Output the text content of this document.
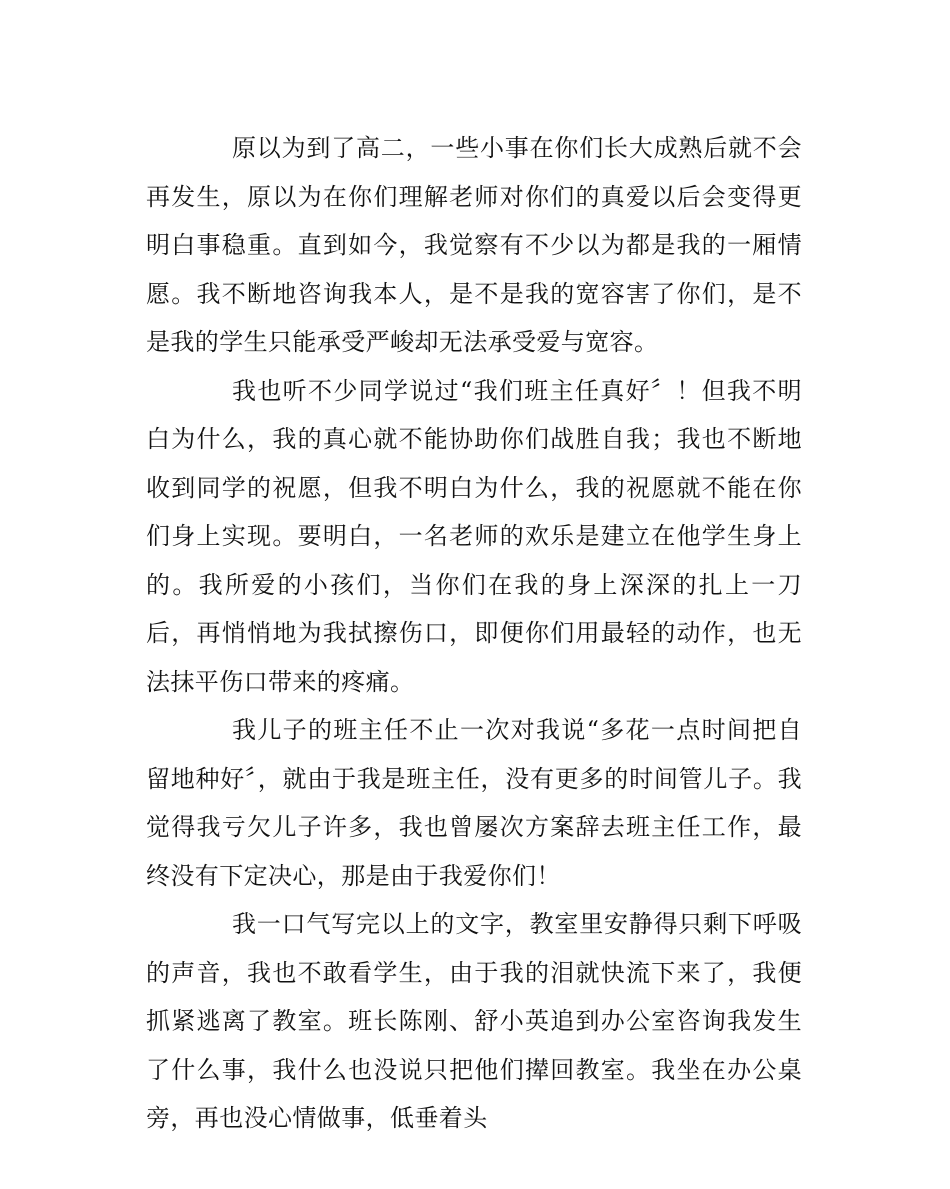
原以为到了高二，一些小事在你们长大成熟后就不会再发生，原以为在你们理解老师对你们的真爱以后会变得更明白事稳重。直到如今，我觉察有不少以为都是我的一厢情愿。我不断地咨询我本人，是不是我的宽容害了你们，是不是我的学生只能承受严峻却无法承受爱与宽容。

我也听不少同学说过“我们班主任真好〞！但我不明白为什么，我的真心就不能协助你们战胜自我；我也不断地收到同学的祝愿，但我不明白为什么，我的祝愿就不能在你们身上实现。要明白，一名老师的欢乐是建立在他学生身上的。我所爱的小孩们，当你们在我的身上深深的扎上一刀后，再悄悄地为我拭擦伤口，即便你们用最轻的动作，也无法抹平伤口带来的疼痛。

我儿子的班主任不止一次对我说“多花一点时间把自留地种好〞，就由于我是班主任，没有更多的时间管儿子。我觉得我亏欠儿子许多，我也曾屡次方案辞去班主任工作，最终没有下定决心，那是由于我爱你们！

我一口气写完以上的文字，教室里安静得只剩下呼吸的声音，我也不敢看学生，由于我的泪就快流下来了，我便抓紧逃离了教室。班长陈刚、舒小英追到办公室咨询我发生了什么事，我什么也没说只把他们撵回教室。我坐在办公桌旁，再也没心情做事，低垂着头
